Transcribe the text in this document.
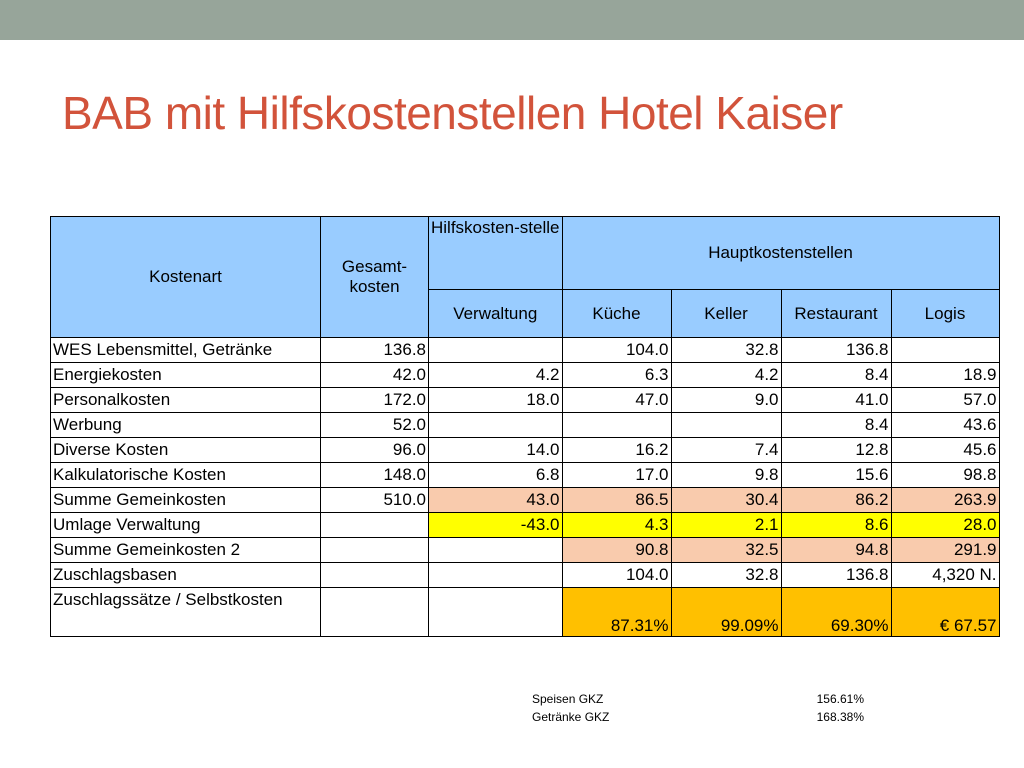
BAB mit Hilfskostenstellen Hotel Kaiser
Kostenart	Gesamt-kosten	Hilfskosten-stelle	Hauptkostenstellen			
		Verwaltung	Küche	Keller	Restaurant	Logis
WES Lebensmittel, Getränke	136.8		104.0	32.8	136.8	
Energiekosten	42.0	4.2	6.3	4.2	8.4	18.9
Personalkosten	172.0	18.0	47.0	9.0	41.0	57.0
Werbung	52.0				8.4	43.6
Diverse Kosten	96.0	14.0	16.2	7.4	12.8	45.6
Kalkulatorische Kosten	148.0	6.8	17.0	9.8	15.6	98.8
Summe Gemeinkosten	510.0	43.0	86.5	30.4	86.2	263.9
Umlage Verwaltung		-43.0	4.3	2.1	8.6	28.0
Summe Gemeinkosten 2			90.8	32.5	94.8	291.9
Zuschlagsbasen			104.0	32.8	136.8	4,320 N.
Zuschlagssätze / Selbstkosten			87.31%	99.09%	69.30%	€ 67.57
Speisen GKZ	156.61%
Getränke GKZ	168.38%
